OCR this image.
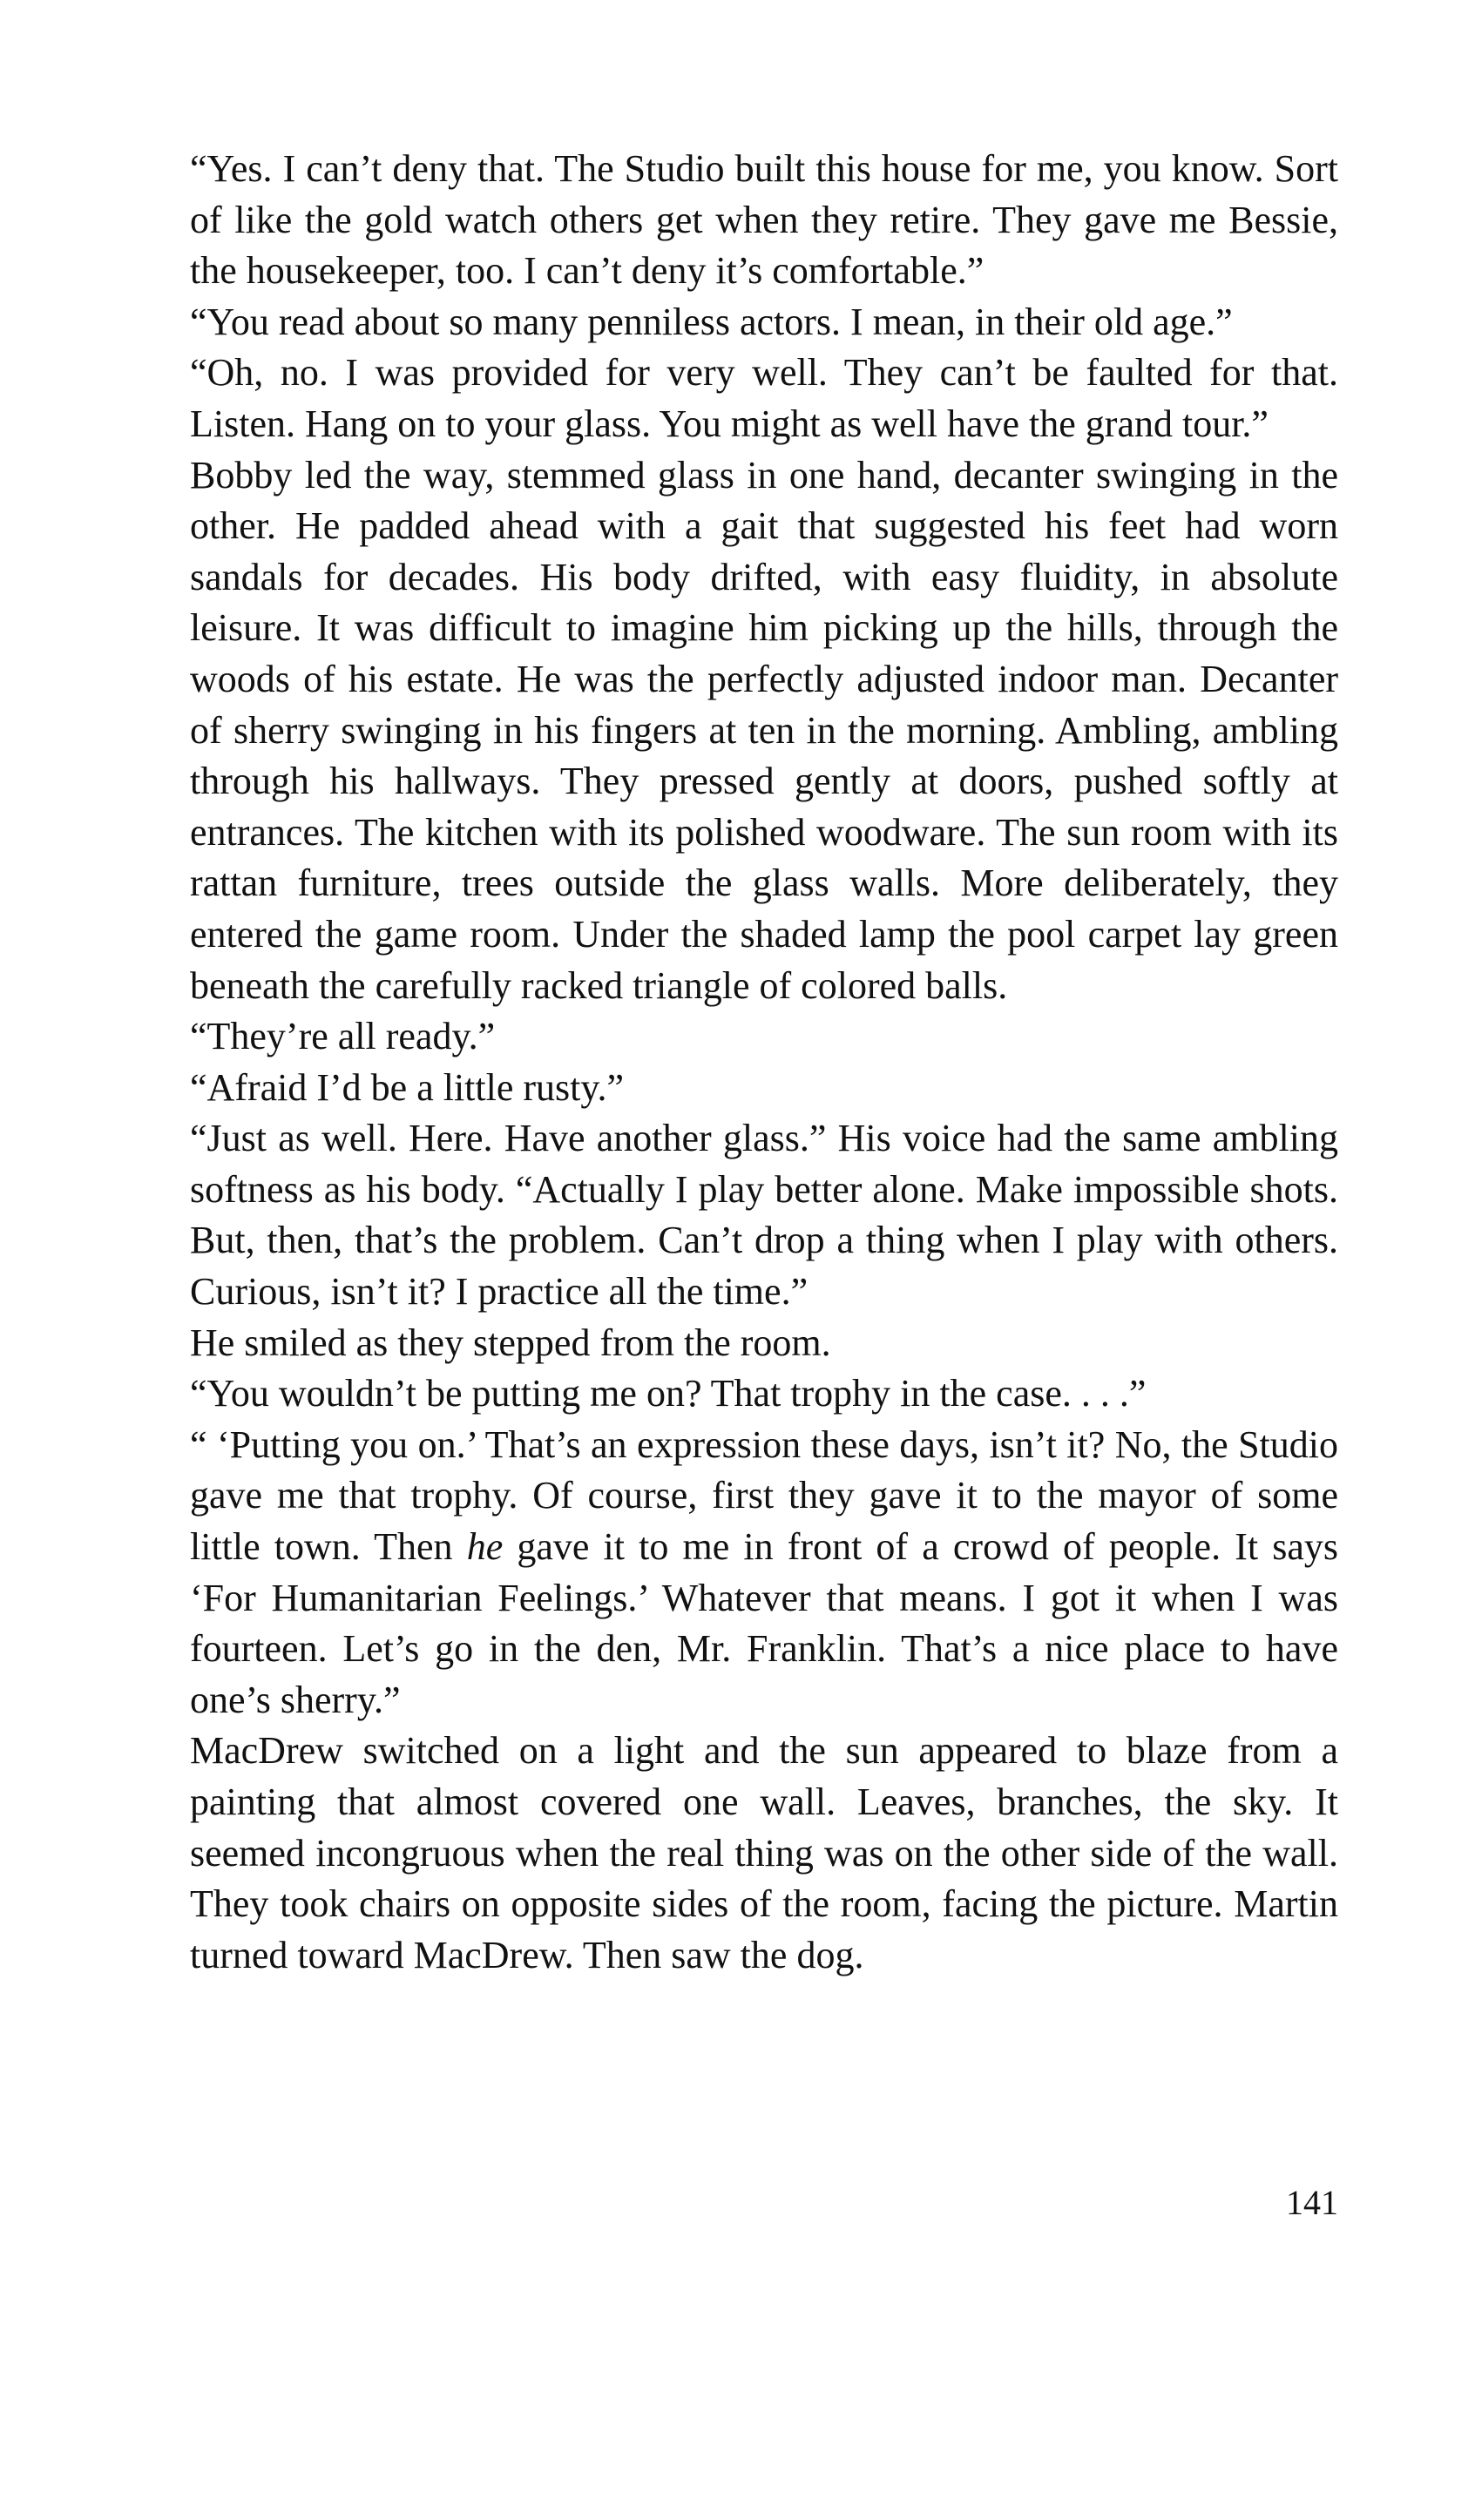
“Yes. I can’t deny that. The Studio built this house for me, you know. Sort of like the gold watch others get when they retire. They gave me Bessie, the housekeeper, too. I can’t deny it’s comfortable.”

“You read about so many penniless actors. I mean, in their old age.”

“Oh, no. I was provided for very well. They can’t be faulted for that. Listen. Hang on to your glass. You might as well have the grand tour.”

Bobby led the way, stemmed glass in one hand, decanter swinging in the other. He padded ahead with a gait that suggested his feet had worn sandals for decades. His body drifted, with easy fluidity, in absolute leisure. It was difficult to imagine him picking up the hills, through the woods of his estate. He was the perfectly adjusted indoor man. Decanter of sherry swinging in his fingers at ten in the morning. Ambling, ambling through his hallways. They pressed gently at doors, pushed softly at entrances. The kitchen with its polished woodware. The sun room with its rattan furniture, trees outside the glass walls. More deliberately, they entered the game room. Under the shaded lamp the pool carpet lay green beneath the carefully racked triangle of colored balls.

“They’re all ready.”

“Afraid I’d be a little rusty.”

“Just as well. Here. Have another glass.” His voice had the same ambling softness as his body. “Actually I play better alone. Make impossible shots. But, then, that’s the problem. Can’t drop a thing when I play with others. Curious, isn’t it? I practice all the time.”

He smiled as they stepped from the room.

“You wouldn’t be putting me on? That trophy in the case. . . .”

“ ‘Putting you on.’ That’s an expression these days, isn’t it? No, the Studio gave me that trophy. Of course, first they gave it to the mayor of some little town. Then he gave it to me in front of a crowd of people. It says ‘For Humanitarian Feelings.’ Whatever that means. I got it when I was fourteen. Let’s go in the den, Mr. Franklin. That’s a nice place to have one’s sherry.”

MacDrew switched on a light and the sun appeared to blaze from a painting that almost covered one wall. Leaves, branches, the sky. It seemed incongruous when the real thing was on the other side of the wall. They took chairs on opposite sides of the room, facing the picture. Martin turned toward MacDrew. Then saw the dog.

141
